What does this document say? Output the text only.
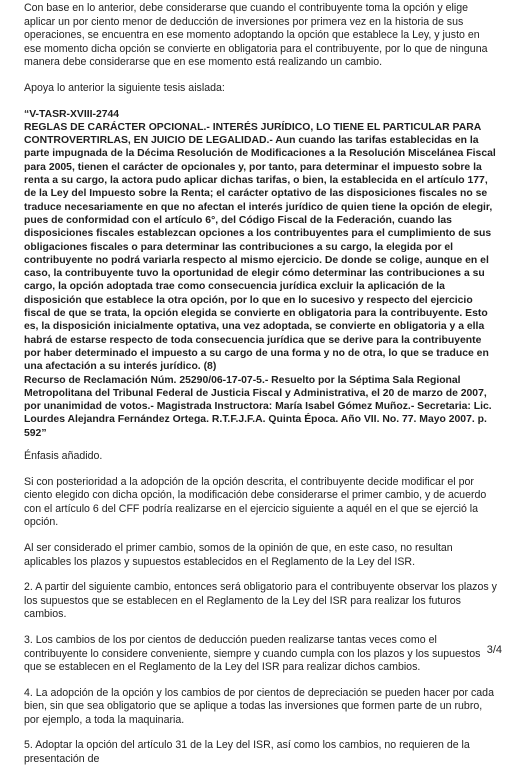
Con base en lo anterior, debe considerarse que cuando el contribuyente toma la opción y elige aplicar un por ciento menor de deducción de inversiones por primera vez en la historia de sus operaciones, se encuentra en ese momento adoptando la opción que establece la Ley, y justo en ese momento dicha opción se convierte en obligatoria para el contribuyente, por lo que de ninguna manera debe considerarse que en ese momento está realizando un cambio.

Apoya lo anterior la siguiente tesis aislada:

“V-TASR-XVIII-2744
REGLAS DE CARÁCTER OPCIONAL.- INTERÉS JURÍDICO, LO TIENE EL PARTICULAR PARA
CONTROVERTIRLAS, EN JUICIO DE LEGALIDAD.- Aun cuando las tarifas establecidas en la parte impugnada de la Décima Resolución de Modificaciones a la Resolución Miscelánea Fiscal para 2005, tienen el carácter de opcionales y, por tanto, para determinar el impuesto sobre la renta a su cargo, la actora pudo aplicar dichas tarifas, o bien, la establecida en el artículo 177, de la Ley del Impuesto sobre la Renta; el carácter optativo de las disposiciones fiscales no se traduce necesariamente en que no afectan el interés jurídico de quien tiene la opción de elegir, pues de conformidad con el artículo 6°, del Código Fiscal de la Federación, cuando las disposiciones fiscales establezcan opciones a los contribuyentes para el cumplimiento de sus obligaciones fiscales o para determinar las contribuciones a su cargo, la elegida por el contribuyente no podrá variarla respecto al mismo ejercicio. De donde se colige, aunque en el caso, la contribuyente tuvo la oportunidad de elegir cómo determinar las contribuciones a su cargo, la opción adoptada trae como consecuencia jurídica excluir la aplicación de la disposición que establece la otra opción, por lo que en lo sucesivo y respecto del ejercicio fiscal de que se trata, la opción elegida se convierte en obligatoria para la contribuyente. Esto es, la disposición inicialmente optativa, una vez adoptada, se convierte en obligatoria y a ella habrá de estarse respecto de toda consecuencia jurídica que se derive para la contribuyente por haber determinado el impuesto a su cargo de una forma y no de otra, lo que se traduce en una afectación a su interés jurídico. (8)
Recurso de Reclamación Núm. 25290/06-17-07-5.- Resuelto por la Séptima Sala Regional Metropolitana del Tribunal Federal de Justicia Fiscal y Administrativa, el 20 de marzo de 2007, por unanimidad de votos.- Magistrada Instructora: María Isabel Gómez Muñoz.- Secretaria: Lic. Lourdes Alejandra Fernández Ortega. R.T.F.J.F.A. Quinta Época. Año VII. No. 77. Mayo 2007. p. 592”

Énfasis añadido.

Si con posterioridad a la adopción de la opción descrita, el contribuyente decide modificar el por ciento elegido con dicha opción, la modificación debe considerarse el primer cambio, y de acuerdo con el artículo 6 del CFF podría realizarse en el ejercicio siguiente a aquél en el que se ejerció la opción.

Al ser considerado el primer cambio, somos de la opinión de que, en este caso, no resultan aplicables los plazos y supuestos establecidos en el Reglamento de la Ley del ISR.

2. A partir del siguiente cambio, entonces será obligatorio para el contribuyente observar los plazos y los supuestos que se establecen en el Reglamento de la Ley del ISR para realizar los futuros cambios.

3. Los cambios de los por cientos de deducción pueden realizarse tantas veces como el contribuyente lo considere conveniente, siempre y cuando cumpla con los plazos y los supuestos que se establecen en el Reglamento de la Ley del ISR para realizar dichos cambios.

4. La adopción de la opción y los cambios de por cientos de depreciación se pueden hacer por cada bien, sin que sea obligatorio que se aplique a todas las inversiones que formen parte de un rubro, por ejemplo, a toda la maquinaria.

5. Adoptar la opción del artículo 31 de la Ley del ISR, así como los cambios, no requieren de la presentación de

3/4
